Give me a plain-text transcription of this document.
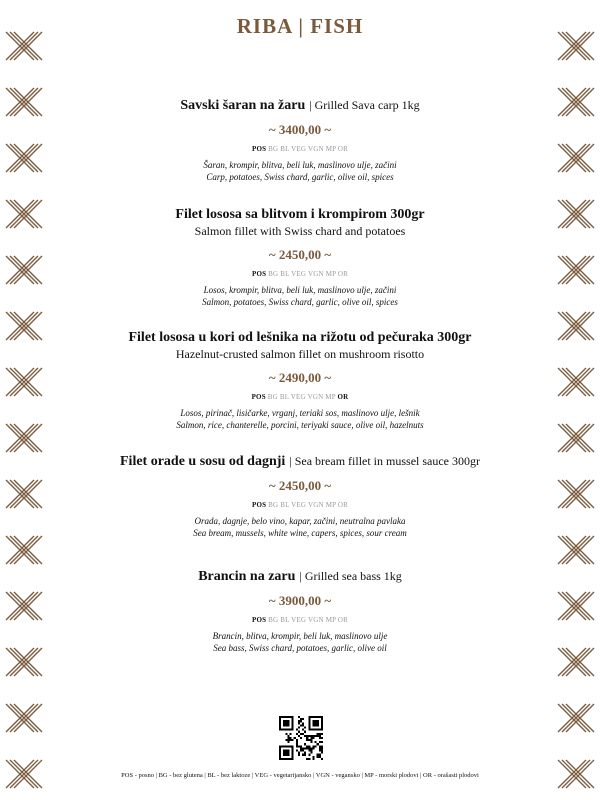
RIBA | FISH
Savski šaran na žaru | Grilled Sava carp 1kg
~ 3400,00 ~
POS BG BL VEG VGN MP OR
Šaran, krompir, blitva, beli luk, maslinovo ulje, začini
Carp, potatoes, Swiss chard, garlic, olive oil, spices
Filet lososa sa blitvom i krompirom 300gr
Salmon fillet with Swiss chard and potatoes
~ 2450,00 ~
POS BG BL VEG VGN MP OR
Losos, krompir, blitva, beli luk, maslinovo ulje, začini
Salmon, potatoes, Swiss chard, garlic, olive oil, spices
Filet lososa u kori od lešnika na rižotu od pečuraka 300gr
Hazelnut-crusted salmon fillet on mushroom risotto
~ 2490,00 ~
POS BG BL VEG VGN MP OR
Losos, pirinač, lisičarke, vrganj, teriaki sos, maslinovo ulje, lešnik
Salmon, rice, chanterelle, porcini, teriyaki sauce, olive oil, hazelnuts
Filet orade u sosu od dagnji | Sea bream fillet in mussel sauce 300gr
~ 2450,00 ~
POS BG BL VEG VGN MP OR
Orada, dagnje, belo vino, kapar, začini, neutralna pavlaka
Sea bream, mussels, white wine, capers, spices, sour cream
Brancin na zaru | Grilled sea bass 1kg
~ 3900,00 ~
POS BG BL VEG VGN MP OR
Brancin, blitva, krompir, beli luk, maslinovo ulje
Sea bass, Swiss chard, potatoes, garlic, olive oil
POS - posno | BG - bez glutena | BL - bez laktoze | VEG - vegetarijansko | VGN - vegansko | MP - morski plodovi | OR - orašasti plodovi
